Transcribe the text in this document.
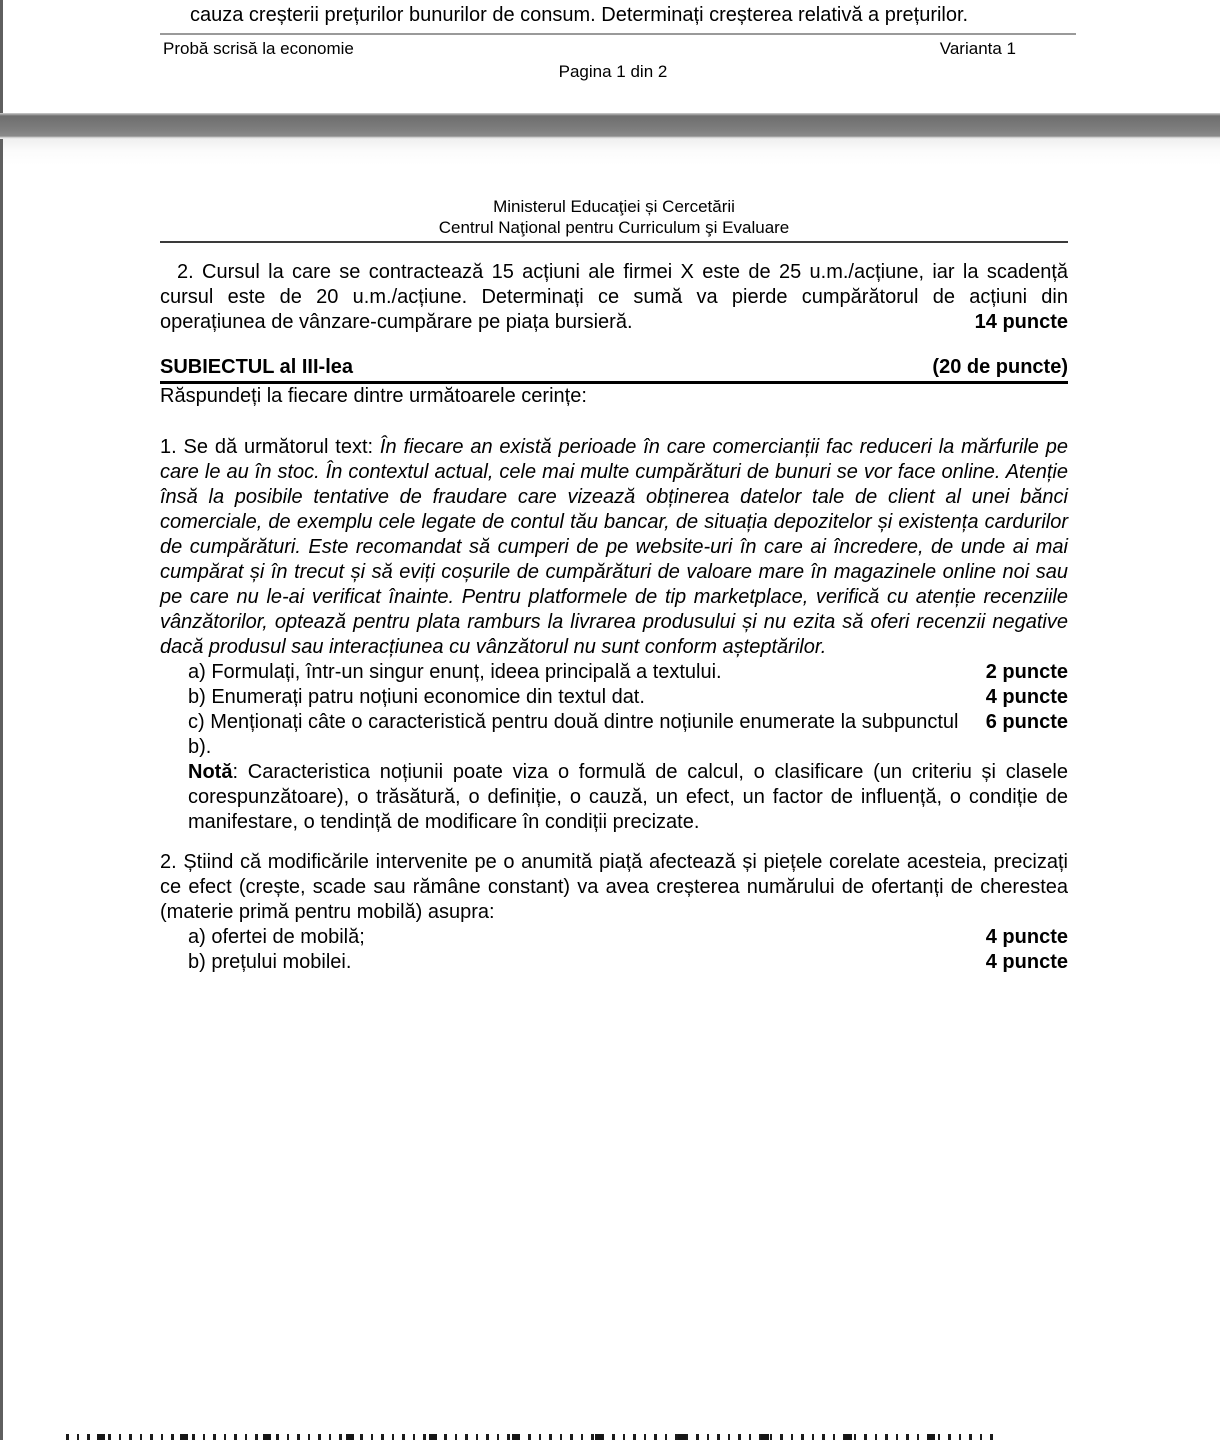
cauza creșterii prețurilor bunurilor de consum. Determinați creșterea relativă a prețurilor.
Probă scrisă la economie	Varianta 1
Pagina 1 din 2
Ministerul Educaţiei și Cercetării
Centrul Naţional pentru Curriculum şi Evaluare
2. Cursul la care se contractează 15 acțiuni ale firmei X este de 25 u.m./acțiune, iar la scadență
cursul este de 20 u.m./acțiune. Determinați ce sumă va pierde cumpărătorul de acțiuni din
operațiunea de vânzare-cumpărare pe piața bursieră.	14 puncte
SUBIECTUL al III-lea	(20 de puncte)
Răspundeți la fiecare dintre următoarele cerințe:
1. Se dă următorul text: În fiecare an există perioade în care comercianții fac reduceri la mărfurile pe
care le au în stoc. În contextul actual, cele mai multe cumpărături de bunuri se vor face online. Atenție
însă la posibile tentative de fraudare care vizează obținerea datelor tale de client al unei bănci
comerciale, de exemplu cele legate de contul tău bancar, de situația depozitelor și existența cardurilor
de cumpărături. Este recomandat să cumperi de pe website-uri în care ai încredere, de unde ai mai
cumpărat și în trecut și să eviți coșurile de cumpărături de valoare mare în magazinele online noi sau
pe care nu le-ai verificat înainte. Pentru platformele de tip marketplace, verifică cu atenție recenziile
vânzătorilor, optează pentru plata ramburs la livrarea produsului și nu ezita să oferi recenzii negative
dacă produsul sau interacțiunea cu vânzătorul nu sunt conform așteptărilor.
a) Formulați, într-un singur enunț, ideea principală a textului.	2 puncte
b) Enumerați patru noțiuni economice din textul dat.	4 puncte
c) Menționați câte o caracteristică pentru două dintre noțiunile enumerate la subpunctul b).
6 puncte
Notă: Caracteristica noțiunii poate viza o formulă de calcul, o clasificare (un criteriu și clasele
corespunzătoare), o trăsătură, o definiție, o cauză, un efect, un factor de influență, o condiție de
manifestare, o tendință de modificare în condiții precizate.
2. Știind că modificările intervenite pe o anumită piață afectează și piețele corelate acesteia, precizați
ce efect (crește, scade sau rămâne constant) va avea creșterea numărului de ofertanți de cherestea
(materie primă pentru mobilă) asupra:
a) ofertei de mobilă;	4 puncte
b) prețului mobilei.	4 puncte
